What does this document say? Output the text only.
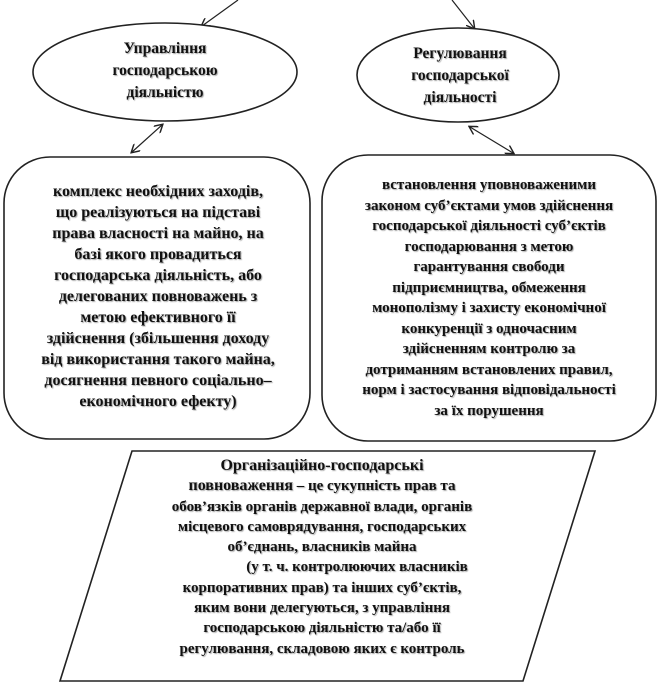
Управління
господарською
діяльністю
Регулювання
господарської
діяльності
комплекс необхідних заходів,
що реалізуються на підставі
права власності на майно, на
базі якого провадиться
господарська діяльність, або
делегованих повноважень з
метою ефективного її
здійснення (збільшення доходу
від використання такого майна,
досягнення певного соціально–
економічного ефекту)
встановлення уповноваженими
законом суб’єктами умов здійснення
господарської діяльності суб’єктів
господарювання з метою
гарантування свободи
підприємництва, обмеження
монополізму і захисту економічної
конкуренції з одночасним
здійсненням контролю за
дотриманням встановлених правил,
норм і застосування відповідальності
за їх порушення
Організаційно-господарські
повноваження – це сукупність прав та
обов’язків органів державної влади, органів
місцевого самоврядування, господарських
об’єднань, власників майна
(у т. ч. контролюючих власників
корпоративних прав) та інших суб’єктів,
яким вони делегуються, з управління
господарською діяльністю та/або її
регулювання, складовою яких є контроль
